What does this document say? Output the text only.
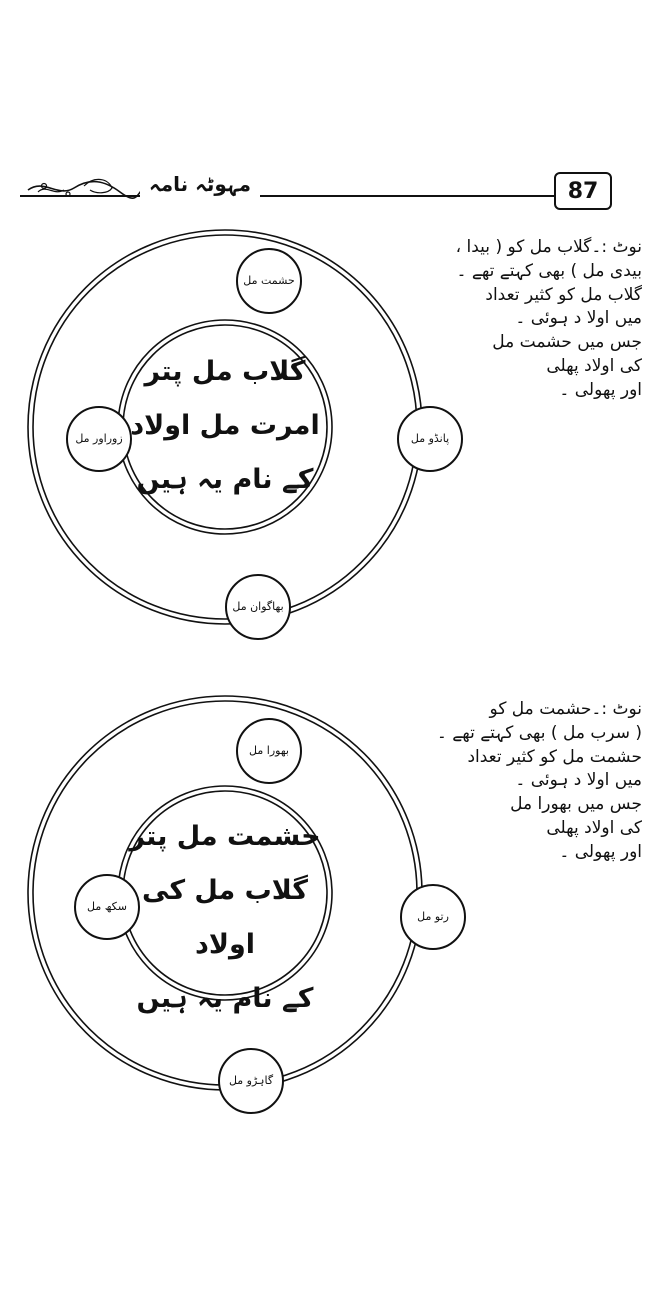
مہوٹہ نامہ	87
حشمت مل
پانڈو مل
بھاگوان مل
زوراور مل
گلاب مل پتر
امرت مل اولاد
کے نام یہ ہیں
نوٹ :۔گلاب مل کو ( بیدا ،
بیدی مل ) بھی کہتے تھے ۔
گلاب مل کو کثیر تعداد
میں اولا د ہوئی ۔
جس میں حشمت مل
کی اولاد پھلی
اور پھولی ۔
بھورا مل
رتو مل
گاہڑو مل
سکھ مل
حشمت مل پتر
گلاب مل کی اولاد
کے نام یہ ہیں
نوٹ :۔حشمت مل کو
( سرب مل ) بھی کہتے تھے ۔
حشمت مل کو کثیر تعداد
میں اولا د ہوئی ۔
جس میں بھورا مل
کی اولاد پھلی
اور پھولی ۔
